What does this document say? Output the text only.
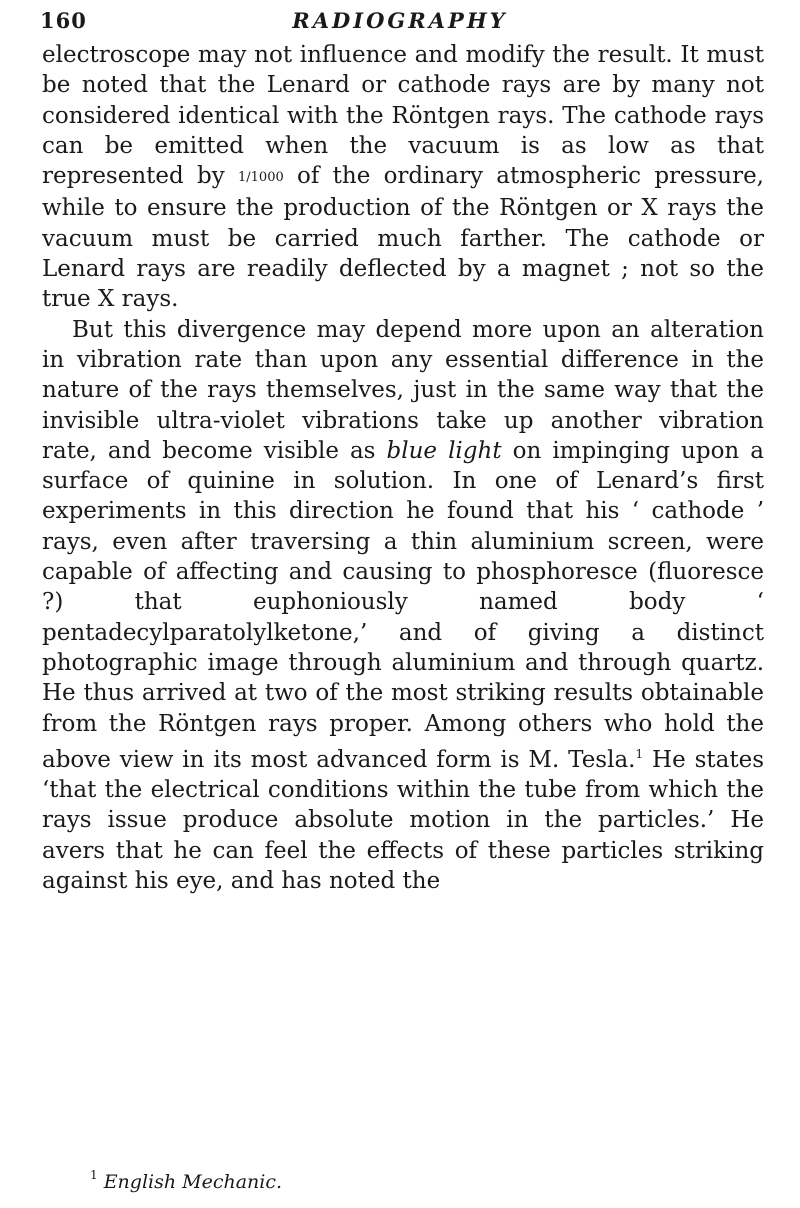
160	RADIOGRAPHY

electroscope may not influence and modify the result. It must be noted that the Lenard or cathode rays are by many not considered identical with the Röntgen rays. The cathode rays can be emitted when the vacuum is as low as that represented by 1/1000 of the ordinary atmospheric pressure, while to ensure the production of the Röntgen or X rays the vacuum must be carried much farther. The cathode or Lenard rays are readily deflected by a magnet ; not so the true X rays.

But this divergence may depend more upon an alteration in vibration rate than upon any essential difference in the nature of the rays themselves, just in the same way that the invisible ultra-violet vibrations take up another vibration rate, and become visible as blue light on impinging upon a surface of quinine in solution. In one of Lenard’s first experiments in this direction he found that his ‘ cathode ’ rays, even after traversing a thin aluminium screen, were capable of affecting and causing to phosphoresce (fluoresce ?) that euphoniously named body ‘ pentadecylparatolylketone,’ and of giving a distinct photographic image through aluminium and through quartz. He thus arrived at two of the most striking results obtainable from the Röntgen rays proper. Among others who hold the above view in its most advanced form is M. Tesla.$^1$ He states ‘that the electrical conditions within the tube from which the rays issue produce absolute motion in the particles.’ He avers that he can feel the effects of these particles striking against his eye, and has noted the

$^1$ English Mechanic.
